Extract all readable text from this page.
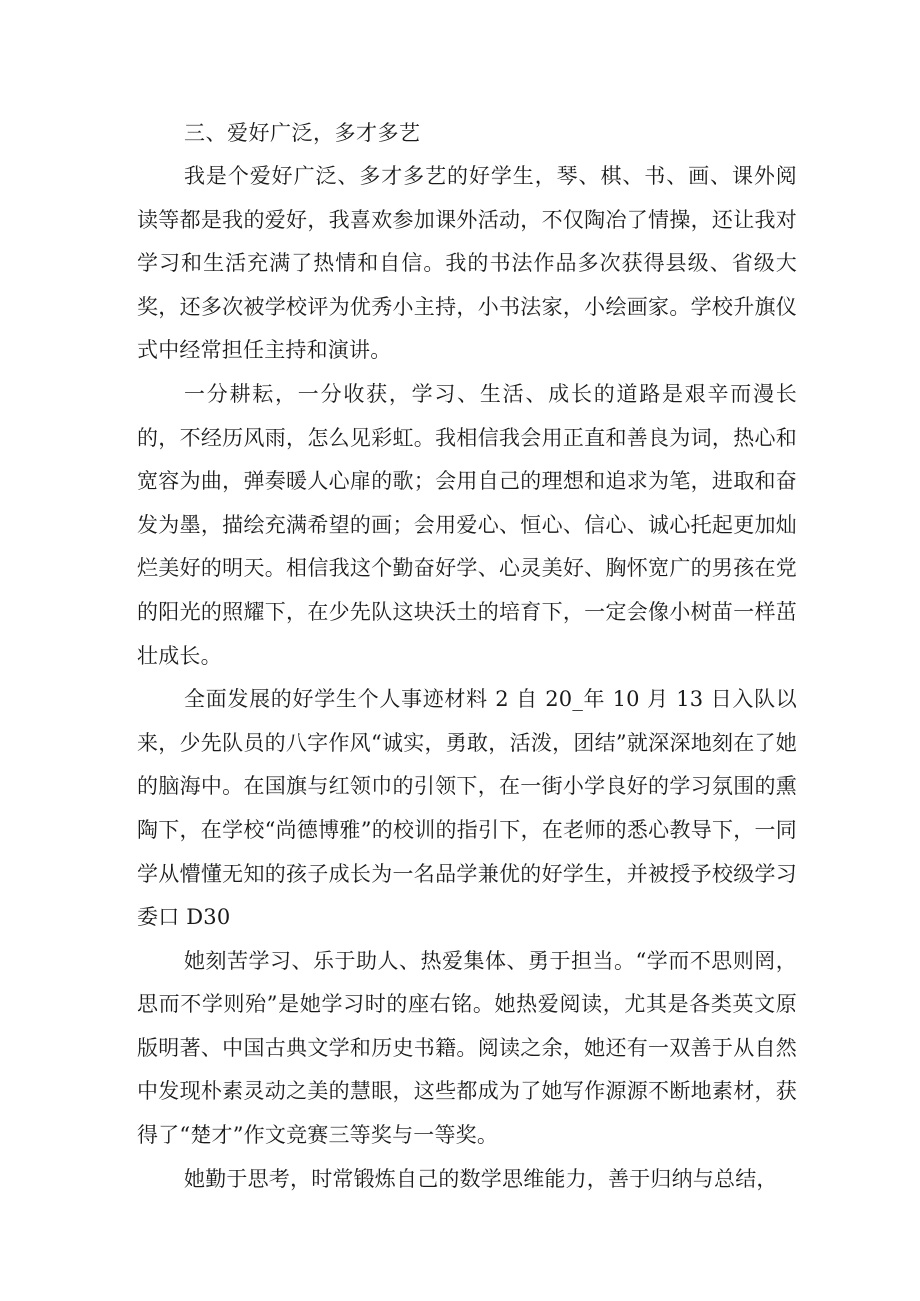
三、爱好广泛，多才多艺

我是个爱好广泛、多才多艺的好学生，琴、棋、书、画、课外阅读等都是我的爱好，我喜欢参加课外活动，不仅陶冶了情操，还让我对学习和生活充满了热情和自信。我的书法作品多次获得县级、省级大奖，还多次被学校评为优秀小主持，小书法家，小绘画家。学校升旗仪式中经常担任主持和演讲。

一分耕耘，一分收获，学习、生活、成长的道路是艰辛而漫长的，不经历风雨，怎么见彩虹。我相信我会用正直和善良为词，热心和宽容为曲，弹奏暖人心扉的歌；会用自己的理想和追求为笔，进取和奋发为墨，描绘充满希望的画；会用爱心、恒心、信心、诚心托起更加灿烂美好的明天。相信我这个勤奋好学、心灵美好、胸怀宽广的男孩在党的阳光的照耀下，在少先队这块沃土的培育下，一定会像小树苗一样茁壮成长。

全面发展的好学生个人事迹材料 2 自 20_年 10 月 13 日入队以来，少先队员的八字作风“诚实，勇敢，活泼，团结”就深深地刻在了她的脑海中。在国旗与红领巾的引领下，在一街小学良好的学习氛围的熏陶下，在学校“尚德博雅”的校训的指引下，在老师的悉心教导下，一同学从懵懂无知的孩子成长为一名品学兼优的好学生，并被授予校级学习委口 D30

她刻苦学习、乐于助人、热爱集体、勇于担当。“学而不思则罔，思而不学则殆”是她学习时的座右铭。她热爱阅读，尤其是各类英文原版明著、中国古典文学和历史书籍。阅读之余，她还有一双善于从自然中发现朴素灵动之美的慧眼，这些都成为了她写作源源不断地素材，获得了“楚才”作文竞赛三等奖与一等奖。

她勤于思考，时常锻炼自己的数学思维能力，善于归纳与总结，
